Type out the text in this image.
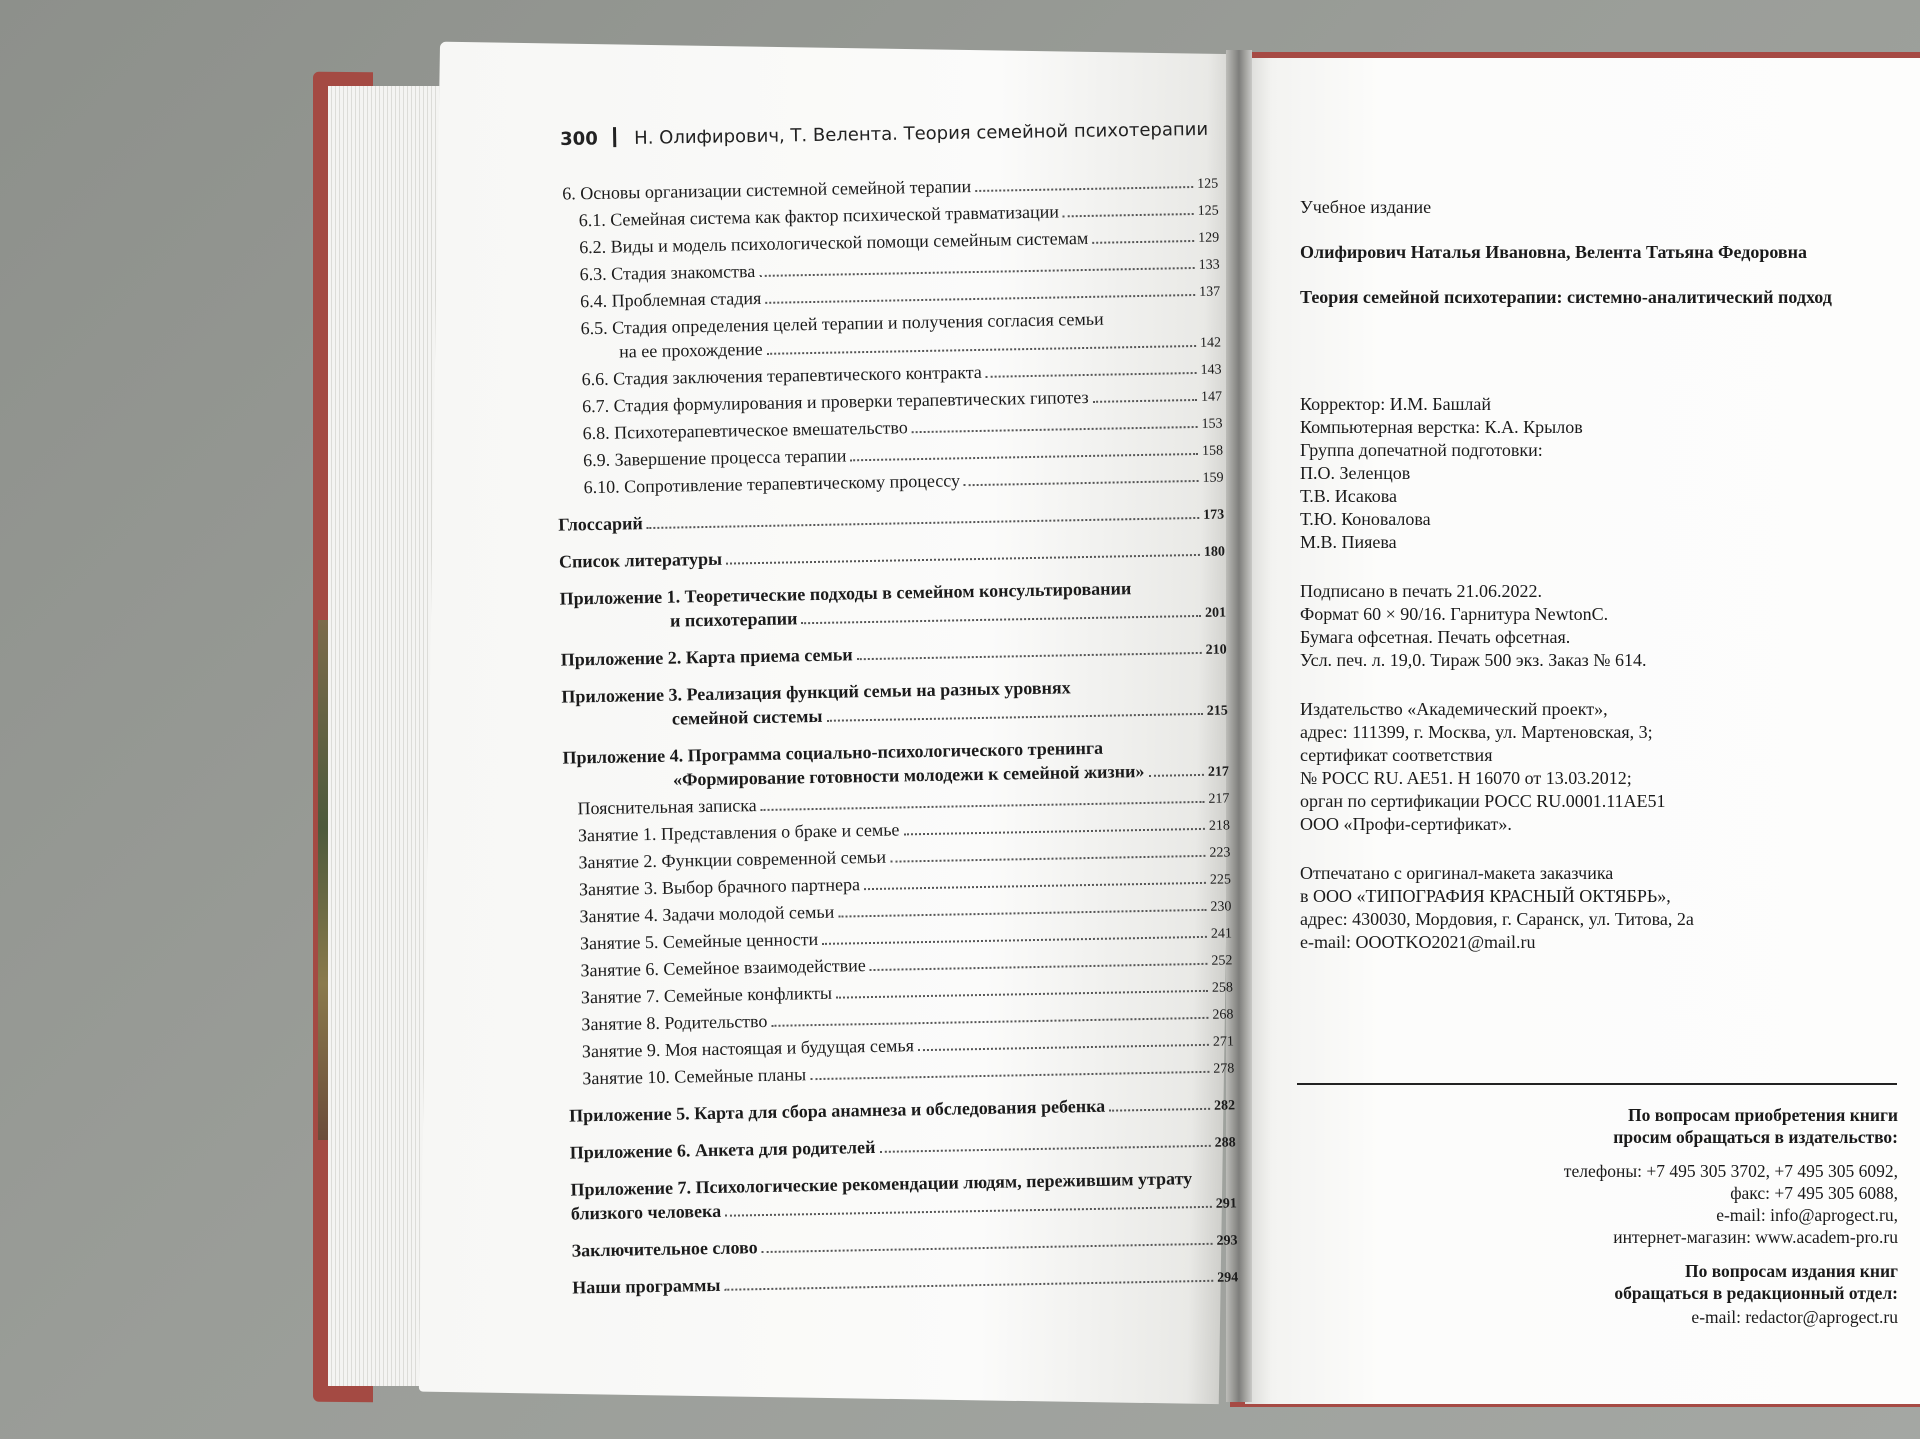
300 Н. Олифирович, Т. Велента. Теория семейной психотерапии
6. Основы организации системной семейной терапии	125
6.1. Семейная система как фактор психической травматизации	125
6.2. Виды и модель психологической помощи семейным системам	129
6.3. Стадия знакомства	133
6.4. Проблемная стадия	137
6.5. Стадия определения целей терапии и получения согласия семьи
на ее прохождение	142
6.6. Стадия заключения терапевтического контракта	143
6.7. Стадия формулирования и проверки терапевтических гипотез	147
6.8. Психотерапевтическое вмешательство	153
6.9. Завершение процесса терапии	158
6.10. Сопротивление терапевтическому процессу	159
Глоссарий	173
Список литературы	180
Приложение 1. Теоретические подходы в семейном консультировании
и психотерапии	201
Приложение 2. Карта приема семьи	210
Приложение 3. Реализация функций семьи на разных уровнях
семейной системы	215
Приложение 4. Программа социально-психологического тренинга
«Формирование готовности молодежи к семейной жизни»	217
Пояснительная записка	217
Занятие 1. Представления о браке и семье	218
Занятие 2. Функции современной семьи	223
Занятие 3. Выбор брачного партнера	225
Занятие 4. Задачи молодой семьи	230
Занятие 5. Семейные ценности	241
Занятие 6. Семейное взаимодействие	252
Занятие 7. Семейные конфликты	258
Занятие 8. Родительство	268
Занятие 9. Моя настоящая и будущая семья	271
Занятие 10. Семейные планы	278
Приложение 5. Карта для сбора анамнеза и обследования ребенка	282
Приложение 6. Анкета для родителей	288
Приложение 7. Психологические рекомендации людям, пережившим утрату
близкого человека	291
Заключительное слово	293
Наши программы	294
Учебное издание
Олифирович Наталья Ивановна, Велента Татьяна Федоровна
Теория семейной психотерапии: системно-аналитический подход
Корректор: И.М. Башлай
Компьютерная верстка: К.А. Крылов
Группа допечатной подготовки:
П.О. Зеленцов
Т.В. Исакова
Т.Ю. Коновалова
М.В. Пияева
Подписано в печать 21.06.2022.
Формат 60 × 90/16. Гарнитура NewtonC.
Бумага офсетная. Печать офсетная.
Усл. печ. л. 19,0. Тираж 500 экз. Заказ № 614.
Издательство «Академический проект»,
адрес: 111399, г. Москва, ул. Мартеновская, 3;
сертификат соответствия
№ РОСС RU. AE51. H 16070 от 13.03.2012;
орган по сертификации РОСС RU.0001.11AE51
ООО «Профи-сертификат».
Отпечатано с оригинал-макета заказчика
в ООО «ТИПОГРАФИЯ КРАСНЫЙ ОКТЯБРЬ»,
адрес: 430030, Мордовия, г. Саранск, ул. Титова, 2а
e-mail: OOOTKO2021@mail.ru
По вопросам приобретения книги
просим обращаться в издательство:
телефоны: +7 495 305 3702, +7 495 305 6092,
факс: +7 495 305 6088,
e-mail: info@aprogect.ru,
интернет-магазин: www.academ-pro.ru
По вопросам издания книг
обращаться в редакционный отдел:
e-mail: redactor@aprogect.ru
